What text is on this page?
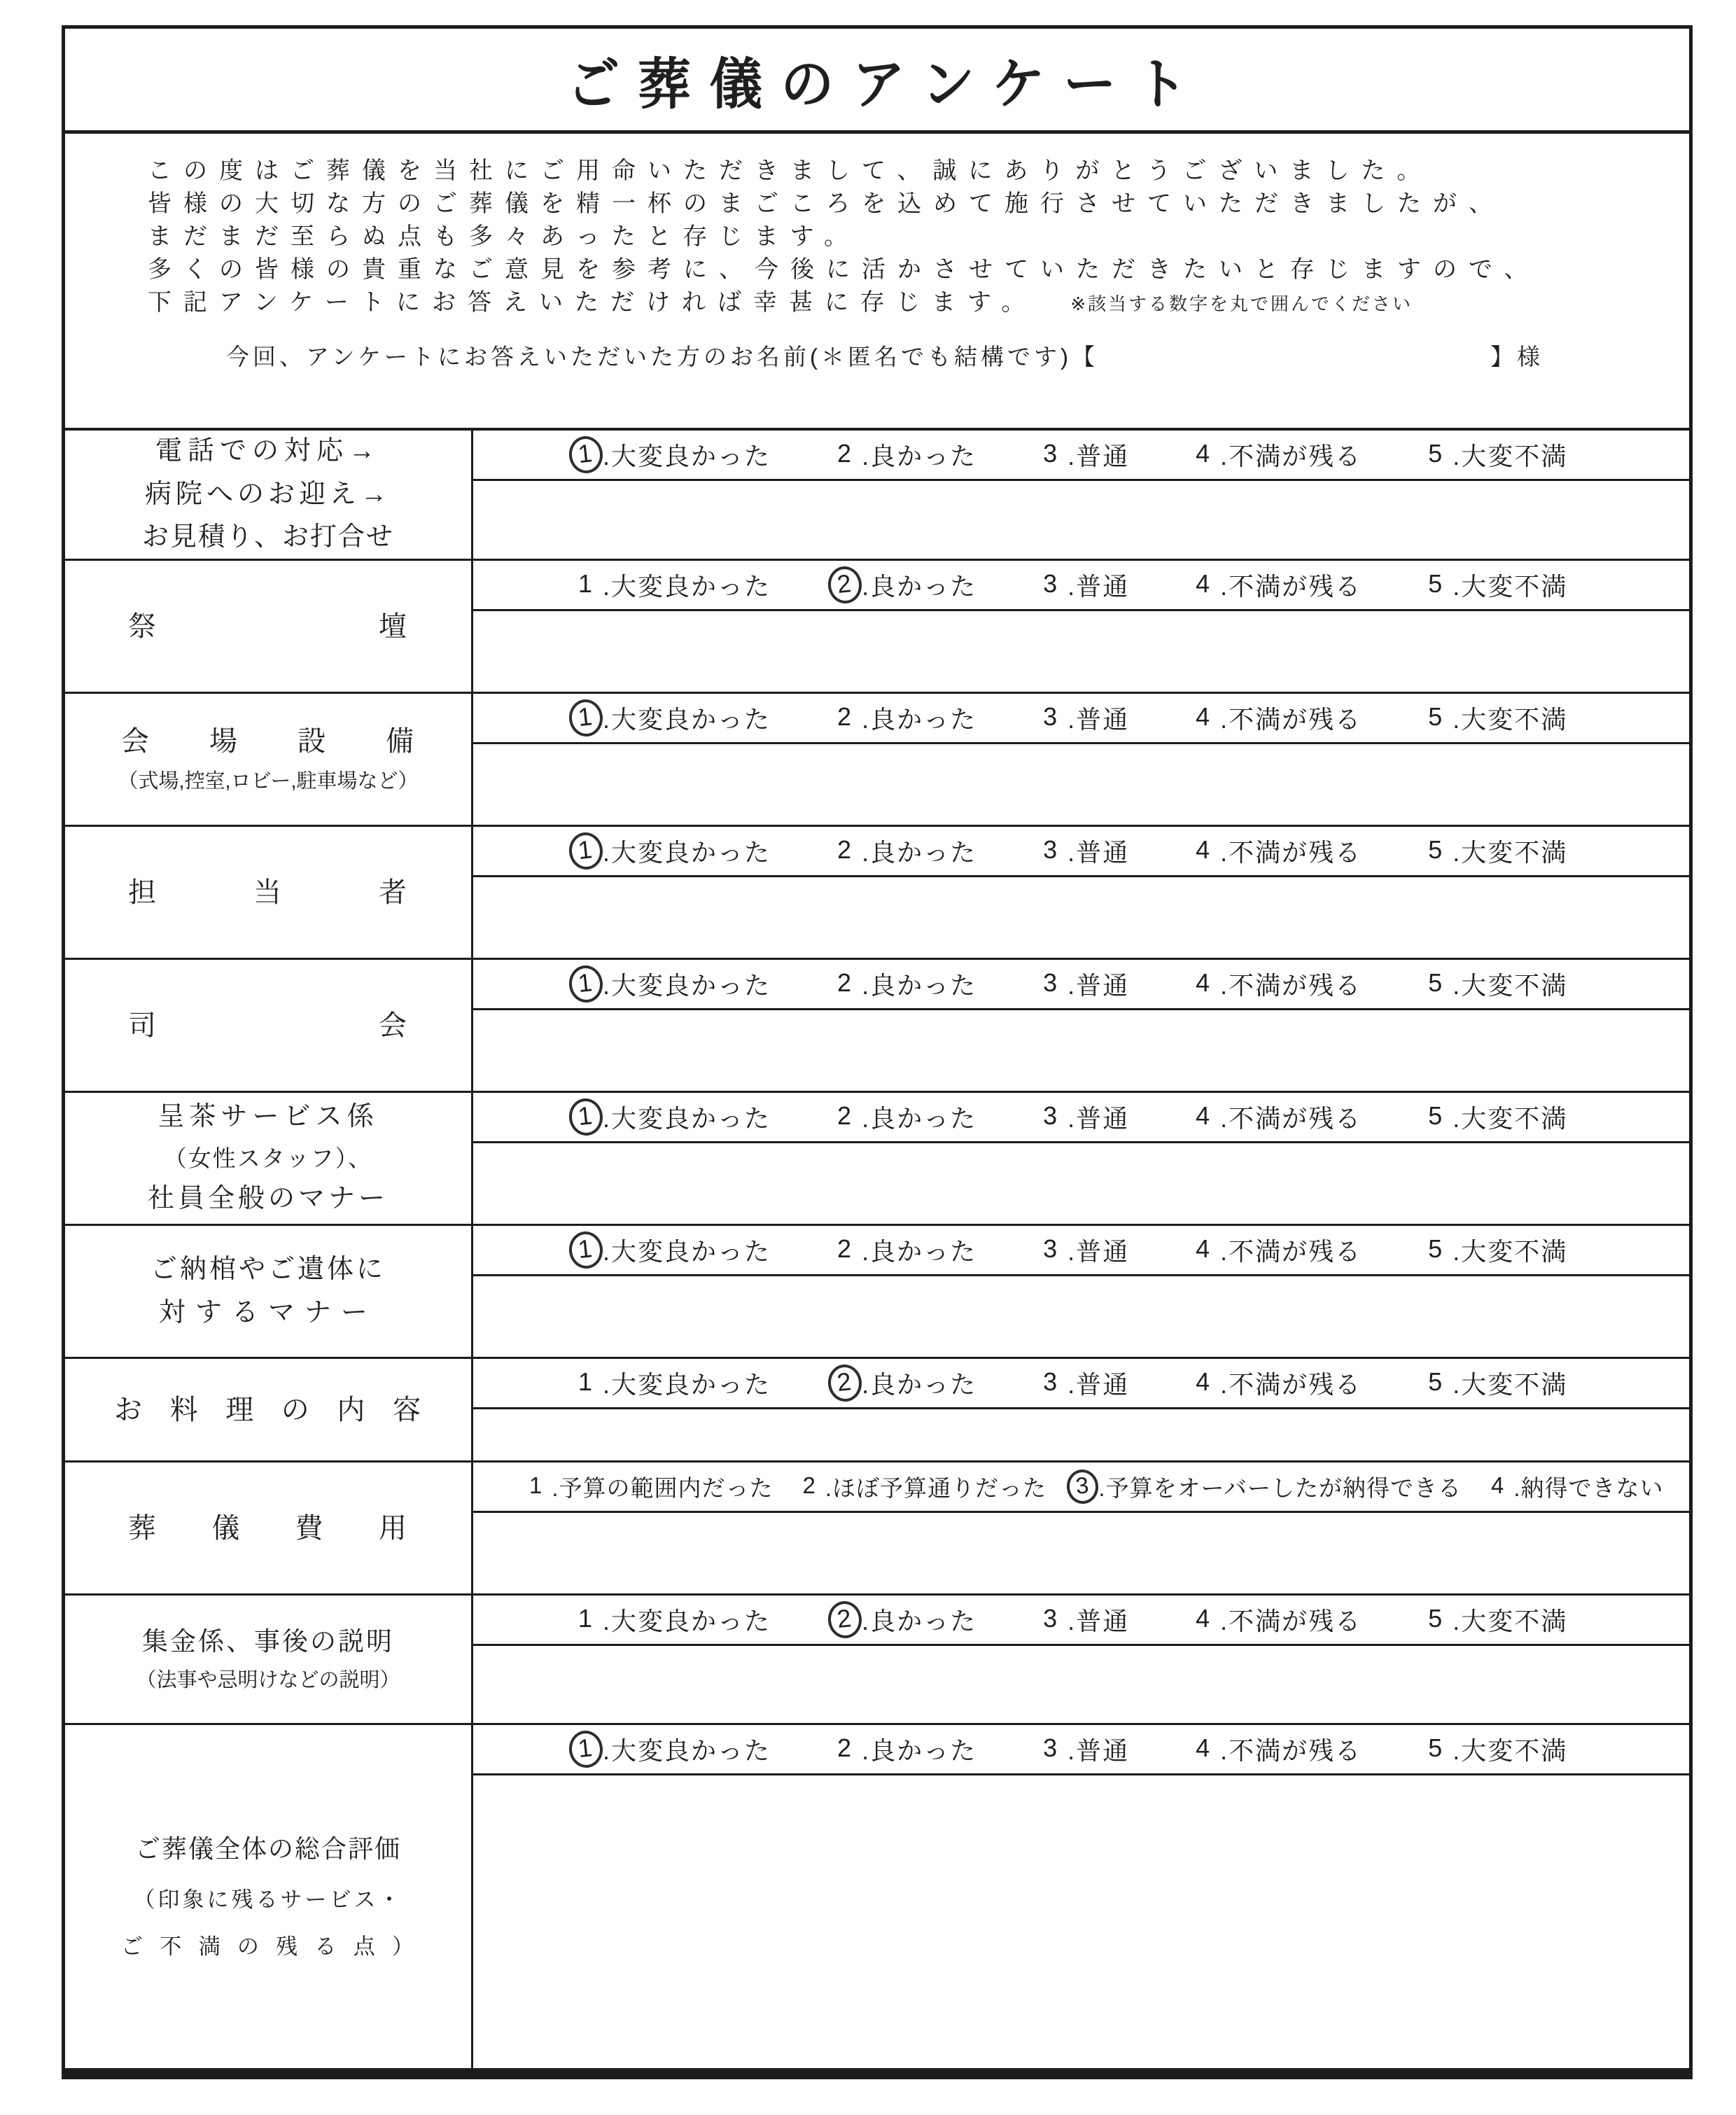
ご葬儀のアンケート
この度はご葬儀を当社にご用命いただきまして、誠にありがとうございました。
皆様の大切な方のご葬儀を精一杯のまごころを込めて施行させていただきましたが、
まだまだ至らぬ点も多々あったと存じます。
多くの皆様の貴重なご意見を参考に、今後に活かさせていただきたいと存じますので、
下記アンケートにお答えいただければ幸甚に存じます。 ※該当する数字を丸で囲んでください
今回、アンケートにお答えいただいた方のお名前(＊匿名でも結構です)【	】様
電話での対応→
病院へのお迎え→
お見積り、お打合せ
1 .大変良かった	2 .良かった	3 .普通	4 .不満が残る	5 .大変不満
祭壇
1 .大変良かった	2 .良かった	3 .普通	4 .不満が残る	5 .大変不満
会場設備
（式場,控室,ロビー,駐車場など）
1 .大変良かった	2 .良かった	3 .普通	4 .不満が残る	5 .大変不満
担当者
1 .大変良かった	2 .良かった	3 .普通	4 .不満が残る	5 .大変不満
司会
1 .大変良かった	2 .良かった	3 .普通	4 .不満が残る	5 .大変不満
呈茶サービス係
（女性スタッフ）、
社員全般のマナー
1 .大変良かった	2 .良かった	3 .普通	4 .不満が残る	5 .大変不満
ご納棺やご遺体に
対するマナー
1 .大変良かった	2 .良かった	3 .普通	4 .不満が残る	5 .大変不満
お料理の内容
1 .大変良かった	2 .良かった	3 .普通	4 .不満が残る	5 .大変不満
葬儀費用
1 .予算の範囲内だった	2 .ほぼ予算通りだった	3 .予算をオーバーしたが納得できる	4 .納得できない
集金係、事後の説明
（法事や忌明けなどの説明）
1 .大変良かった	2 .良かった	3 .普通	4 .不満が残る	5 .大変不満
ご葬儀全体の総合評価
（印象に残るサービス・
ご不満の残る点）
1 .大変良かった	2 .良かった	3 .普通	4 .不満が残る	5 .大変不満
